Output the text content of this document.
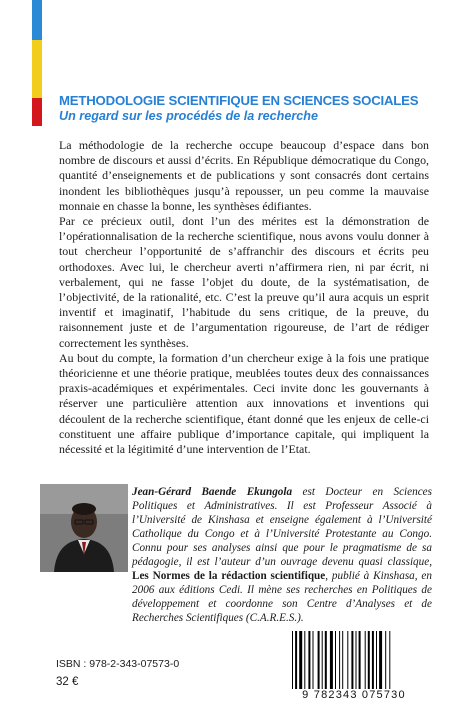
METHODOLOGIE SCIENTIFIQUE EN SCIENCES SOCIALES
Un regard sur les procédés de la recherche

La méthodologie de la recherche occupe beaucoup d’espace dans bon nombre de discours et aussi d’écrits. En République démocratique du Congo, quantité d’enseignements et de publications y sont consacrés dont certains inondent les bibliothèques jusqu’à repousser, un peu comme la mauvaise monnaie en chasse la bonne, les synthèses édifiantes.

Par ce précieux outil, dont l’un des mérites est la démonstration de l’opérationnalisation de la recherche scientifique, nous avons voulu donner à tout chercheur l’opportunité de s’affranchir des discours et écrits peu orthodoxes. Avec lui, le chercheur averti n’affirmera rien, ni par écrit, ni verbalement, qui ne fasse l’objet du doute, de la systématisation, de l’objectivité, de la rationalité, etc. C’est la preuve qu’il aura acquis un esprit inventif et imaginatif, l’habitude du sens critique, de la preuve, du raisonnement juste et de l’argumentation rigoureuse, de l’art de rédiger correctement les synthèses.

Au bout du compte, la formation d’un chercheur exige à la fois une pratique théoricienne et une théorie pratique, meublées toutes deux des connaissances praxis-académiques et expérimentales. Ceci invite donc les gouvernants à réserver une particulière attention aux innovations et inventions qui découlent de la recherche scientifique, étant donné que les enjeux de celle-ci constituent une affaire publique d’importance capitale, qui impliquent la nécessité et la légitimité d’une intervention de l’Etat.

Jean-Gérard Baende Ekungola est Docteur en Sciences Politiques et Administratives. Il est Professeur Associé à l’Université de Kinshasa et enseigne également à l’Université Catholique du Congo et à l’Université Protestante au Congo. Connu pour ses analyses ainsi que pour le pragmatisme de sa pédagogie, il est l’auteur d’un ouvrage devenu quasi classique, Les Normes de la rédaction scientifique, publié à Kinshasa, en 2006 aux éditions Cedi. Il mène ses recherches en Politiques de développement et coordonne son Centre d’Analyses et de Recherches Scientifiques (C.A.R.E.S.).
ISBN : 978-2-343-07573-0
32 €
9 782343 075730
